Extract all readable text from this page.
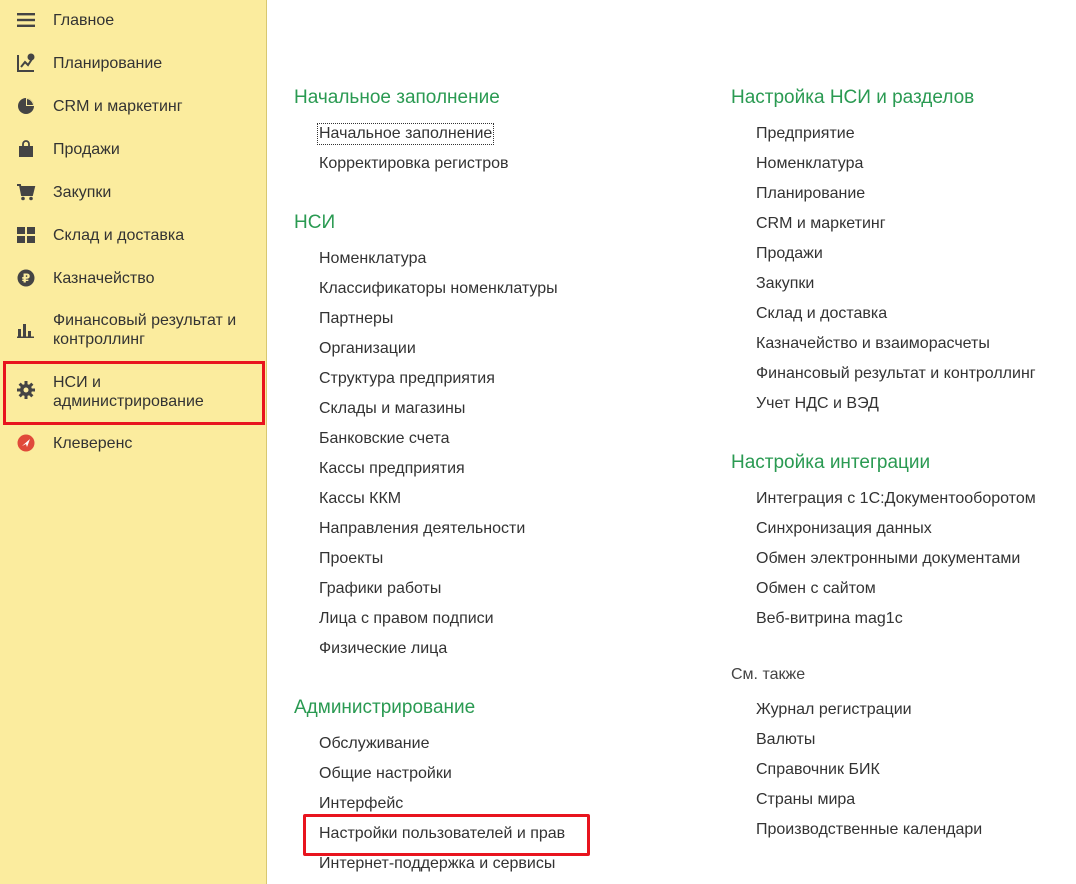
Главное
Планирование
CRM и маркетинг
Продажи
Закупки
Склад и доставка
₽ Казначейство
Финансовый результат и контроллинг
НСИ и администрирование
Клеверенс
Начальное заполнение
Начальное заполнение
Корректировка регистров
НСИ
Номенклатура
Классификаторы номенклатуры
Партнеры
Организации
Структура предприятия
Склады и магазины
Банковские счета
Кассы предприятия
Кассы ККМ
Направления деятельности
Проекты
Графики работы
Лица с правом подписи
Физические лица
Администрирование
Обслуживание
Общие настройки
Интерфейс
Настройки пользователей и прав
Интернет-поддержка и сервисы
Настройка НСИ и разделов
Предприятие
Номенклатура
Планирование
CRM и маркетинг
Продажи
Закупки
Склад и доставка
Казначейство и взаиморасчеты
Финансовый результат и контроллинг
Учет НДС и ВЭД
Настройка интеграции
Интеграция с 1С:Документооборотом
Синхронизация данных
Обмен электронными документами
Обмен с сайтом
Веб-витрина mag1c
См. также
Журнал регистрации
Валюты
Справочник БИК
Страны мира
Производственные календари
